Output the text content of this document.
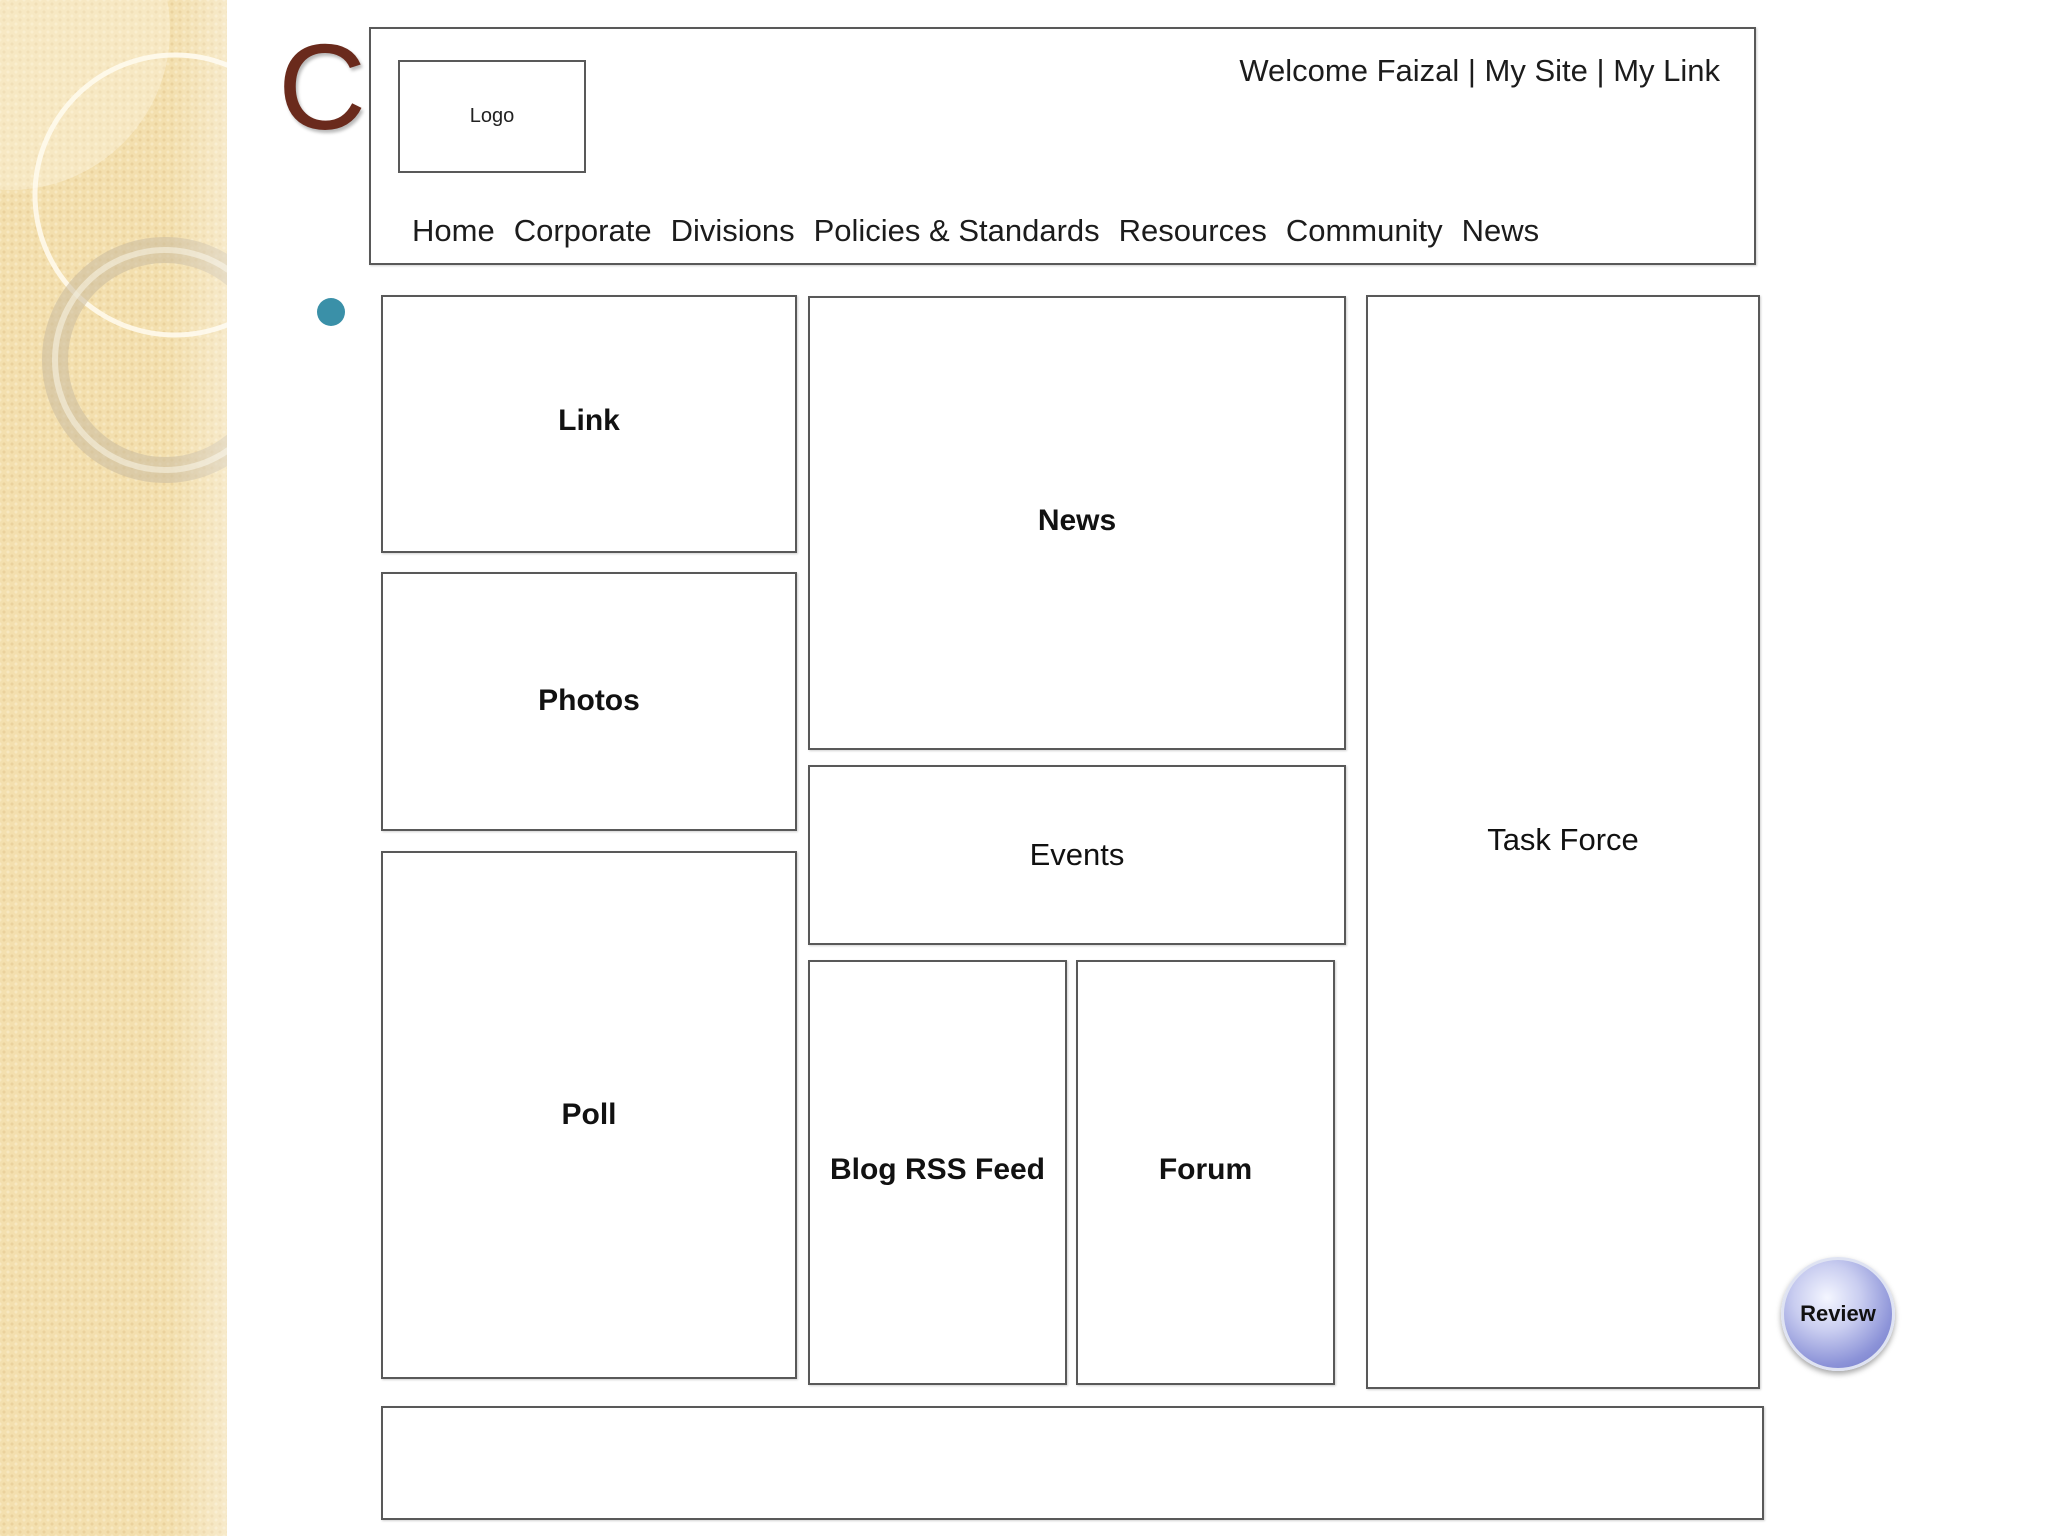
C	Logo
Welcome Faizal | My Site | My Link
Home Corporate Divisions Policies & Standards Resources Community News
Link
Photos
Poll
News
Events
Blog RSS Feed	Forum
Task Force
Review
